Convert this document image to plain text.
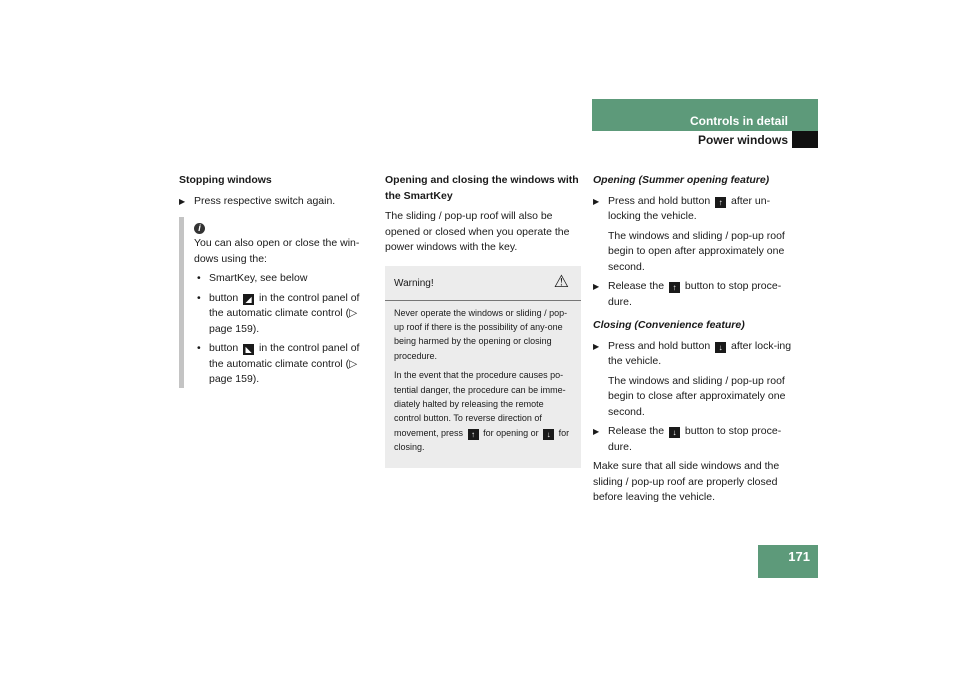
Controls in detail
Power windows
Stopping windows
▶ Press respective switch again.
i
You can also open or close the win-dows using the:
• SmartKey, see below
• button ◢ in the control panel of the automatic climate control (▷ page 159).
• button ◣ in the control panel of the automatic climate control (▷ page 159).
Opening and closing the windows with the SmartKey
The sliding / pop-up roof will also be opened or closed when you operate the power windows with the key.
Warning!	⚠

Never operate the windows or sliding / pop-up roof if there is the possibility of any-one being harmed by the opening or closing procedure.

In the event that the procedure causes po-tential danger, the procedure can be imme-diately halted by releasing the remote control button. To reverse direction of movement, press ↑ for opening or ↓ for closing.

Opening (Summer opening feature)
▶ Press and hold button ↑ after un-locking the vehicle.
The windows and sliding / pop-up roof begin to open after approximately one second.
▶ Release the ↑ button to stop proce-dure.
Closing (Convenience feature)
▶ Press and hold button ↓ after lock-ing the vehicle.
The windows and sliding / pop-up roof begin to close after approximately one second.
▶ Release the ↓ button to stop proce-dure.
Make sure that all side windows and the sliding / pop-up roof are properly closed before leaving the vehicle.
171
